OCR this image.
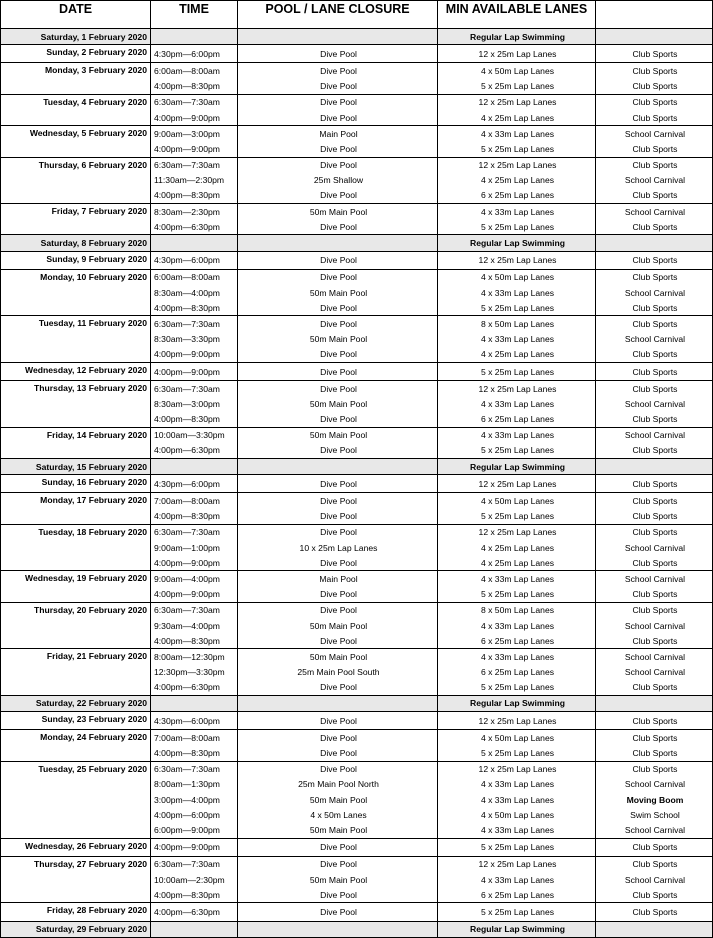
DATE	TIME	POOL / LANE CLOSURE	MIN AVAILABLE LANES	
Saturday, 1 February 2020			Regular Lap Swimming	
Sunday, 2 February 2020	4:30pm—6:00pm	Dive Pool	12 x 25m Lap Lanes	Club Sports
Monday, 3 February 2020	6:00am—8:00am	Dive Pool	4 x 50m Lap Lanes	Club Sports
	4:00pm—8:30pm	Dive Pool	5 x 25m Lap Lanes	Club Sports
Tuesday, 4 February 2020	6:30am—7:30am	Dive Pool	12 x 25m Lap Lanes	Club Sports
	4:00pm—9:00pm	Dive Pool	4 x 25m Lap Lanes	Club Sports
Wednesday, 5 February 2020	9:00am—3:00pm	Main Pool	4 x 33m Lap Lanes	School Carnival
	4:00pm—9:00pm	Dive Pool	5 x 25m Lap Lanes	Club Sports
Thursday, 6 February 2020	6:30am—7:30am	Dive Pool	12 x 25m Lap Lanes	Club Sports
	11:30am—2:30pm	25m Shallow	4 x 25m Lap Lanes	School Carnival
	4:00pm—8:30pm	Dive Pool	6 x 25m Lap Lanes	Club Sports
Friday, 7 February 2020	8:30am—2:30pm	50m Main Pool	4 x 33m Lap Lanes	School Carnival
	4:00pm—6:30pm	Dive Pool	5 x 25m Lap Lanes	Club Sports
Saturday, 8 February 2020			Regular Lap Swimming	
Sunday, 9 February 2020	4:30pm—6:00pm	Dive Pool	12 x 25m Lap Lanes	Club Sports
Monday, 10 February 2020	6:00am—8:00am	Dive Pool	4 x 50m Lap Lanes	Club Sports
	8:30am—4:00pm	50m Main Pool	4 x 33m Lap Lanes	School Carnival
	4:00pm—8:30pm	Dive Pool	5 x 25m Lap Lanes	Club Sports
Tuesday, 11 February 2020	6:30am—7:30am	Dive Pool	8 x 50m Lap Lanes	Club Sports
	8:30am—3:30pm	50m Main Pool	4 x 33m Lap Lanes	School Carnival
	4:00pm—9:00pm	Dive Pool	4 x 25m Lap Lanes	Club Sports
Wednesday, 12 February 2020	4:00pm—9:00pm	Dive Pool	5 x 25m Lap Lanes	Club Sports
Thursday, 13 February 2020	6:30am—7:30am	Dive Pool	12 x 25m Lap Lanes	Club Sports
	8:30am—3:00pm	50m Main Pool	4 x 33m Lap Lanes	School Carnival
	4:00pm—8:30pm	Dive Pool	6 x 25m Lap Lanes	Club Sports
Friday, 14 February 2020	10:00am—3:30pm	50m Main Pool	4 x 33m Lap Lanes	School Carnival
	4:00pm—6:30pm	Dive Pool	5 x 25m Lap Lanes	Club Sports
Saturday, 15 February 2020			Regular Lap Swimming	
Sunday, 16 February 2020	4:30pm—6:00pm	Dive Pool	12 x 25m Lap Lanes	Club Sports
Monday, 17 February 2020	7:00am—8:00am	Dive Pool	4 x 50m Lap Lanes	Club Sports
	4:00pm—8:30pm	Dive Pool	5 x 25m Lap Lanes	Club Sports
Tuesday, 18 February 2020	6:30am—7:30am	Dive Pool	12 x 25m Lap Lanes	Club Sports
	9:00am—1:00pm	10 x 25m Lap Lanes	4 x 25m Lap Lanes	School Carnival
	4:00pm—9:00pm	Dive Pool	4 x 25m Lap Lanes	Club Sports
Wednesday, 19 February 2020	9:00am—4:00pm	Main Pool	4 x 33m Lap Lanes	School Carnival
	4:00pm—9:00pm	Dive Pool	5 x 25m Lap Lanes	Club Sports
Thursday, 20 February 2020	6:30am—7:30am	Dive Pool	8 x 50m Lap Lanes	Club Sports
	9:30am—4:00pm	50m Main Pool	4 x 33m Lap Lanes	School Carnival
	4:00pm—8:30pm	Dive Pool	6 x 25m Lap Lanes	Club Sports
Friday, 21 February 2020	8:00am—12:30pm	50m Main Pool	4 x 33m Lap Lanes	School Carnival
	12:30pm—3:30pm	25m Main Pool South	6 x 25m Lap Lanes	School Carnival
	4:00pm—6:30pm	Dive Pool	5 x 25m Lap Lanes	Club Sports
Saturday, 22 February 2020			Regular Lap Swimming	
Sunday, 23 February 2020	4:30pm—6:00pm	Dive Pool	12 x 25m Lap Lanes	Club Sports
Monday, 24 February 2020	7:00am—8:00am	Dive Pool	4 x 50m Lap Lanes	Club Sports
	4:00pm—8:30pm	Dive Pool	5 x 25m Lap Lanes	Club Sports
Tuesday, 25 February 2020	6:30am—7:30am	Dive Pool	12 x 25m Lap Lanes	Club Sports
	8:00am—1:30pm	25m Main Pool North	4 x 33m Lap Lanes	School Carnival
	3:00pm—4:00pm	50m Main Pool	4 x 33m Lap Lanes	Moving Boom
	4:00pm—6:00pm	4 x 50m Lanes	4 x 50m Lap Lanes	Swim School
	6:00pm—9:00pm	50m Main Pool	4 x 33m Lap Lanes	School Carnival
Wednesday, 26 February 2020	4:00pm—9:00pm	Dive Pool	5 x 25m Lap Lanes	Club Sports
Thursday, 27 February 2020	6:30am—7:30am	Dive Pool	12 x 25m Lap Lanes	Club Sports
	10:00am—2:30pm	50m Main Pool	4 x 33m Lap Lanes	School Carnival
	4:00pm—8:30pm	Dive Pool	6 x 25m Lap Lanes	Club Sports
Friday, 28 February 2020	4:00pm—6:30pm	Dive Pool	5 x 25m Lap Lanes	Club Sports
Saturday, 29 February 2020			Regular Lap Swimming	
